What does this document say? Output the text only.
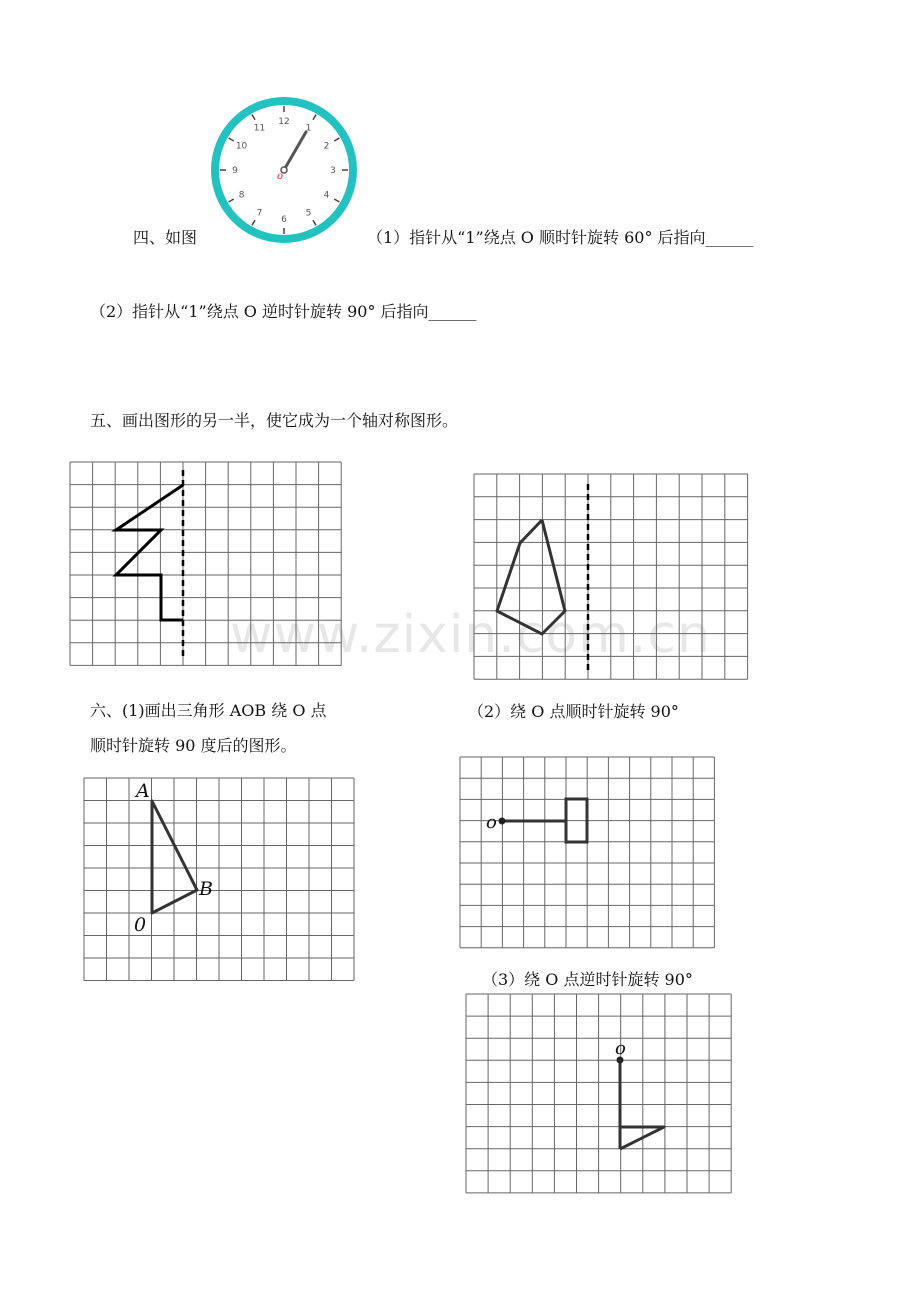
www.zixin.com.cn
四、如图
12
1
2
3
4
5
6
7
8
9
10
11
o
（1）指针从“1”绕点 O 顺时针旋转 60° 后指向______
（2）指针从“1”绕点 O 逆时针旋转 90° 后指向______
五、画出图形的另一半，使它成为一个轴对称图形。
六、(1)画出三角形 AOB 绕 O 点
顺时针旋转 90 度后的图形。
（2）绕 O 点顺时针旋转 90°
A
B
0
o
（3）绕 O 点逆时针旋转 90°
o
